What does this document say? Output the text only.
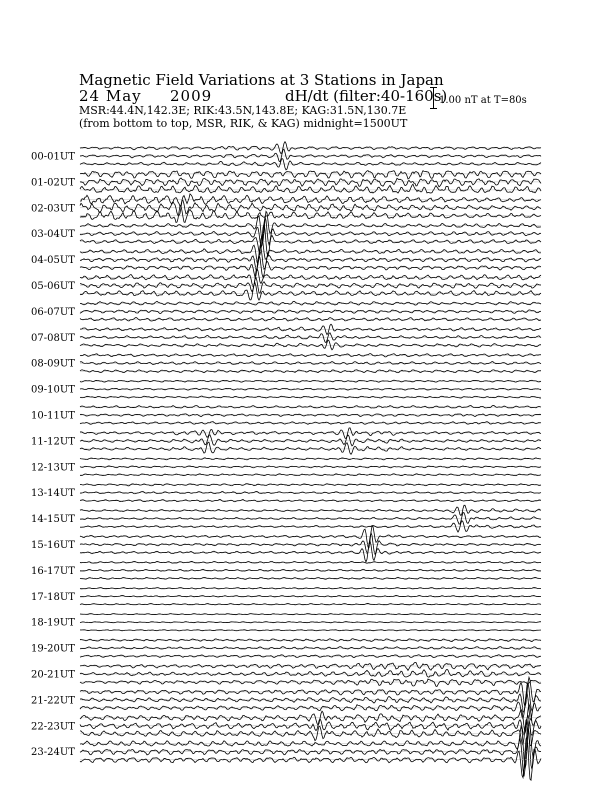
00-01UT
01-02UT
02-03UT
03-04UT
04-05UT
05-06UT
06-07UT
07-08UT
08-09UT
09-10UT
10-11UT
11-12UT
12-13UT
13-14UT
14-15UT
15-16UT
16-17UT
17-18UT
18-19UT
19-20UT
20-21UT
21-22UT
22-23UT
23-24UT
Magnetic Field Variations at 3 Stations in Japan
24 May 2009	dH/dt (filter:40-160s)
MSR:44.4N,142.3E; RIK:43.5N,143.8E; KAG:31.5N,130.7E
(from bottom to top, MSR, RIK, & KAG) midnight=1500UT
1.00 nT at T=80s
